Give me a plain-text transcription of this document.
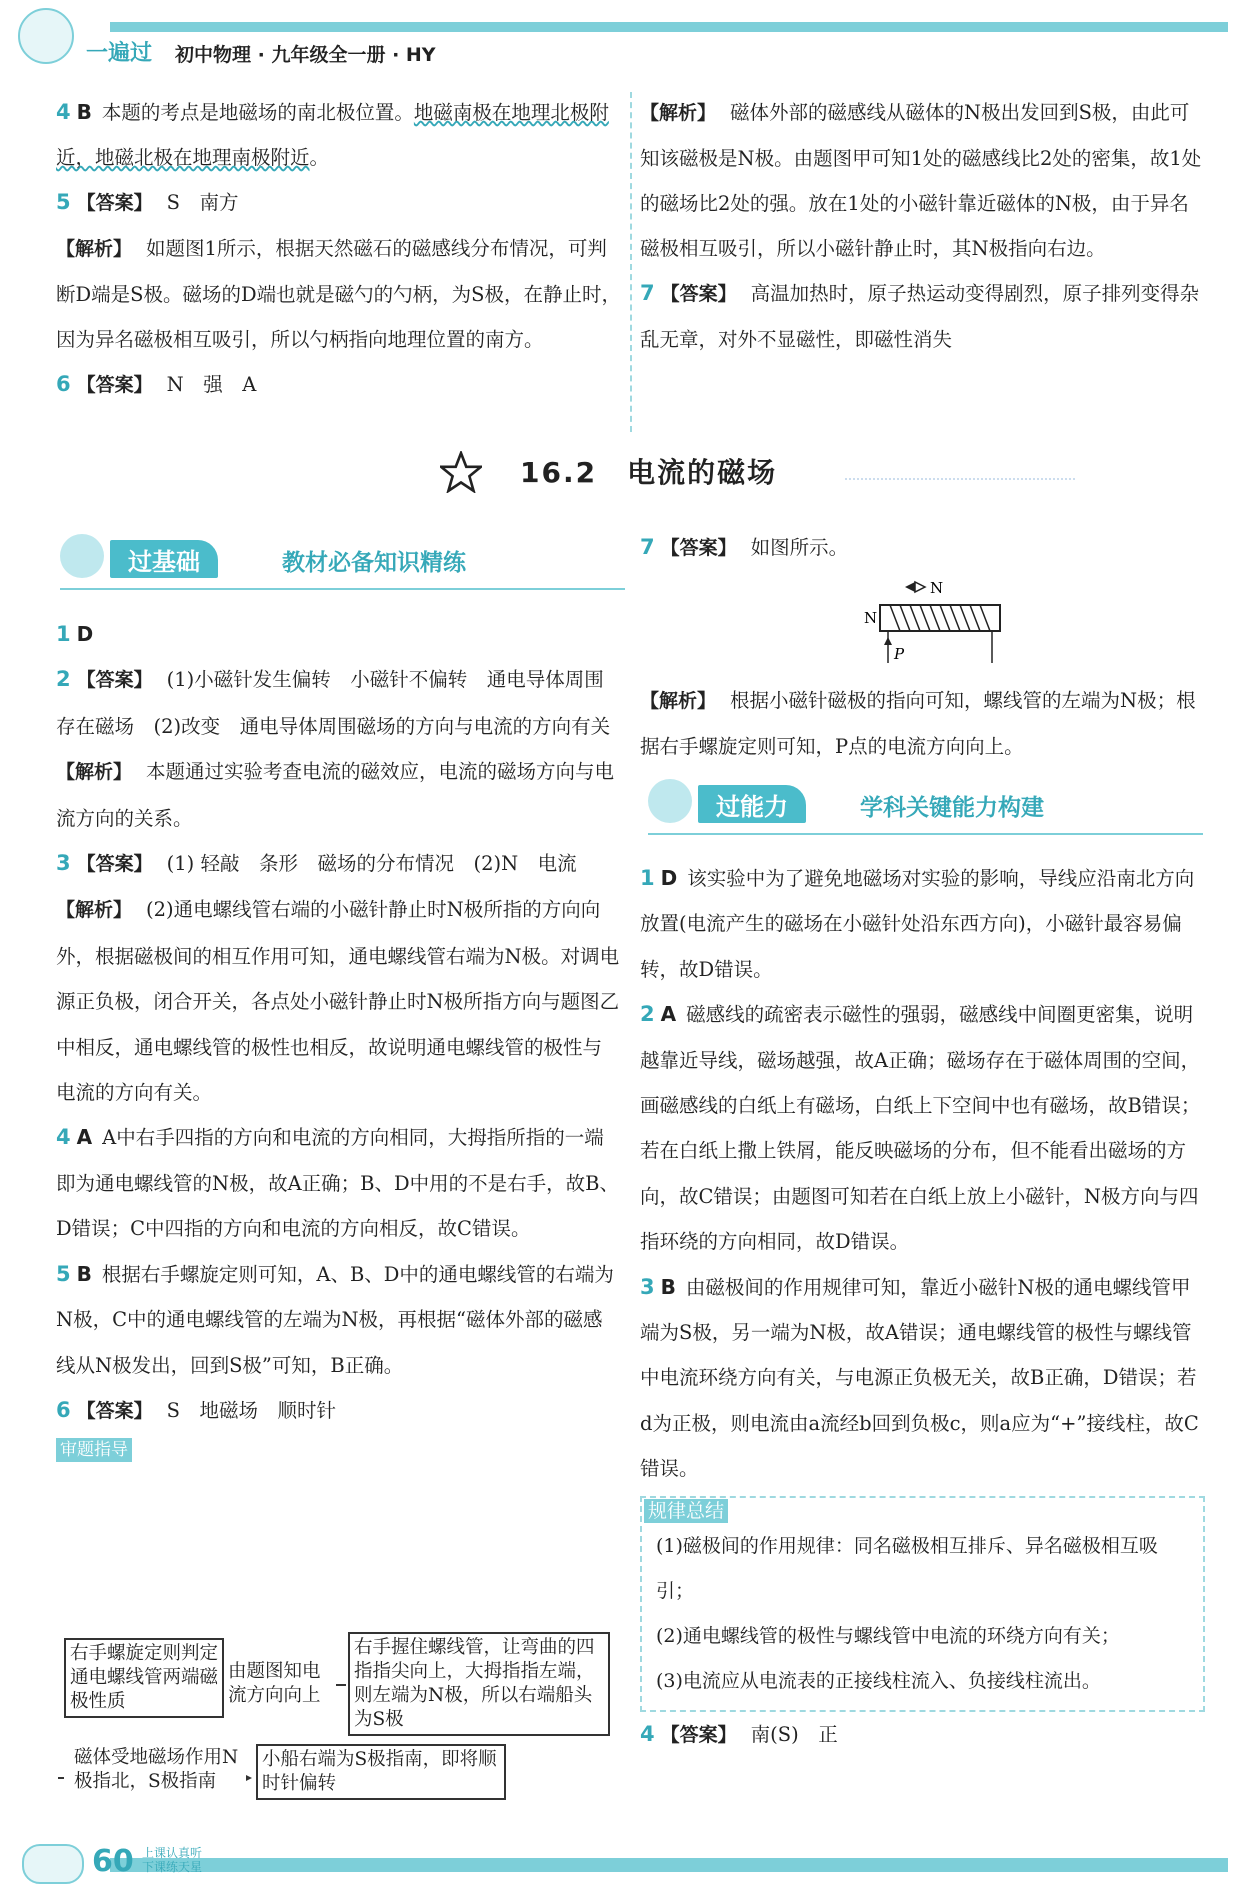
一遍过 初中物理 · 九年级全一册 · HY

4 B 本题的考点是地磁场的南北极位置。地磁南极在地理北极附近，地磁北极在地理南极附近。

5 【答案】 S　南方

【解析】 如题图1所示，根据天然磁石的磁感线分布情况，可判断D端是S极。磁场的D端也就是磁勺的勺柄，为S极，在静止时，因为异名磁极相互吸引，所以勺柄指向地理位置的南方。

6 【答案】 N　强　A

【解析】 磁体外部的磁感线从磁体的N极出发回到S极，由此可知该磁极是N极。由题图甲可知1处的磁感线比2处的密集，故1处的磁场比2处的强。放在1处的小磁针靠近磁体的N极，由于异名磁极相互吸引，所以小磁针静止时，其N极指向右边。

7 【答案】 高温加热时，原子热运动变得剧烈，原子排列变得杂乱无章，对外不显磁性，即磁性消失

16.2　电流的磁场
过基础	教材必备知识精练

1 D

2 【答案】 (1)小磁针发生偏转　小磁针不偏转　通电导体周围存在磁场　(2)改变　通电导体周围磁场的方向与电流的方向有关

【解析】 本题通过实验考查电流的磁效应，电流的磁场方向与电流方向的关系。

3 【答案】 (1) 轻敲　条形　磁场的分布情况　(2)N　电流

【解析】 (2)通电螺线管右端的小磁针静止时N极所指的方向向外，根据磁极间的相互作用可知，通电螺线管右端为N极。对调电源正负极，闭合开关，各点处小磁针静止时N极所指方向与题图乙中相反，通电螺线管的极性也相反，故说明通电螺线管的极性与电流的方向有关。

4 A A中右手四指的方向和电流的方向相同，大拇指所指的一端即为通电螺线管的N极，故A正确；B、D中用的不是右手，故B、D错误；C中四指的方向和电流的方向相反，故C错误。

5 B 根据右手螺旋定则可知，A、B、D中的通电螺线管的右端为N极，C中的通电螺线管的左端为N极，再根据“磁体外部的磁感线从N极发出，回到S极”可知，B正确。

6 【答案】 S　地磁场　顺时针

审题指导

右手螺旋定则判定通电螺线管两端磁极性质
由题图知电流方向向上
右手握住螺线管，让弯曲的四指指尖向上，大拇指指左端，则左端为N极，所以右端船头为S极
磁体受地磁场作用N极指北，S极指南
小船右端为S极指南，即将顺时针偏转

7 【答案】 如图所示。

N
N
P

【解析】 根据小磁针磁极的指向可知，螺线管的左端为N极；根据右手螺旋定则可知，P点的电流方向向上。

过能力	学科关键能力构建

1 D 该实验中为了避免地磁场对实验的影响，导线应沿南北方向放置(电流产生的磁场在小磁针处沿东西方向)，小磁针最容易偏转，故D错误。

2 A 磁感线的疏密表示磁性的强弱，磁感线中间圈更密集，说明越靠近导线，磁场越强，故A正确；磁场存在于磁体周围的空间，画磁感线的白纸上有磁场，白纸上下空间中也有磁场，故B错误；若在白纸上撒上铁屑，能反映磁场的分布，但不能看出磁场的方向，故C错误；由题图可知若在白纸上放上小磁针，N极方向与四指环绕的方向相同，故D错误。

3 B 由磁极间的作用规律可知，靠近小磁针N极的通电螺线管甲端为S极，另一端为N极，故A错误；通电螺线管的极性与螺线管中电流环绕方向有关，与电源正负极无关，故B正确，D错误；若d为正极，则电流由a流经b回到负极c，则a应为“+”接线柱，故C错误。

规律总结

(1)磁极间的作用规律：同名磁极相互排斥、异名磁极相互吸引；

(2)通电螺线管的极性与螺线管中电流的环绕方向有关；

(3)电流应从电流表的正接线柱流入、负接线柱流出。

4 【答案】 南(S)　正

60 上课认真听
下课练天星
